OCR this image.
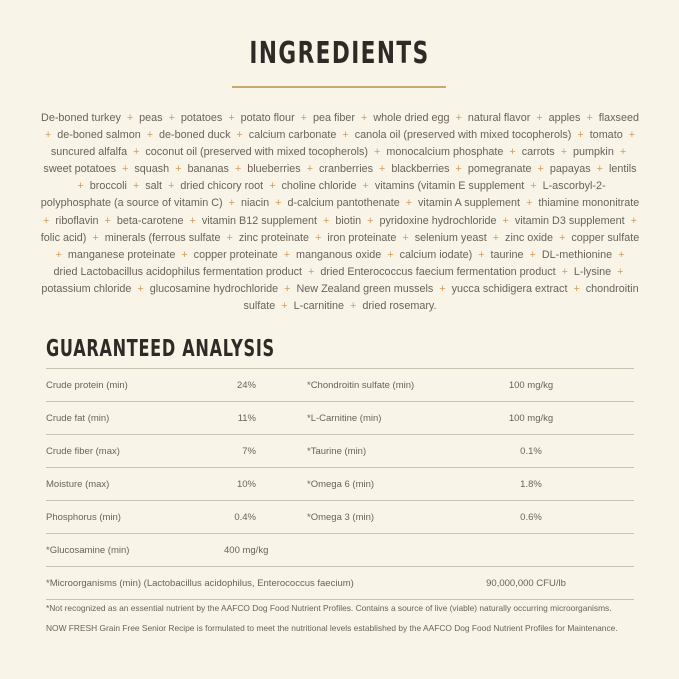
INGREDIENTS
De-boned turkey + peas + potatoes + potato flour + pea fiber + whole dried egg + natural flavor + apples + flaxseed + de-boned salmon + de-boned duck + calcium carbonate + canola oil (preserved with mixed tocopherols) + tomato + suncured alfalfa + coconut oil (preserved with mixed tocopherols) + monocalcium phosphate + carrots + pumpkin + sweet potatoes + squash + bananas + blueberries + cranberries + blackberries + pomegranate + papayas + lentils + broccoli + salt + dried chicory root + choline chloride + vitamins (vitamin E supplement + L-ascorbyl-2-polyphosphate (a source of vitamin C) + niacin + d-calcium pantothenate + vitamin A supplement + thiamine mononitrate + riboflavin + beta-carotene + vitamin B12 supplement + biotin + pyridoxine hydrochloride + vitamin D3 supplement + folic acid) + minerals (ferrous sulfate + zinc proteinate + iron proteinate + selenium yeast + zinc oxide + copper sulfate + manganese proteinate + copper proteinate + manganous oxide + calcium iodate) + taurine + DL-methionine + dried Lactobacillus acidophilus fermentation product + dried Enterococcus faecium fermentation product + L-lysine + potassium chloride + glucosamine hydrochloride + New Zealand green mussels + yucca schidigera extract + chondroitin sulfate + L-carnitine + dried rosemary.
GUARANTEED ANALYSIS
Crude protein (min)	24%	*Chondroitin sulfate (min)	100 mg/kg
Crude fat (min)	11%	*L-Carnitine (min)	100 mg/kg
Crude fiber (max)	7%	*Taurine (min)	0.1%
Moisture (max)	10%	*Omega 6 (min)	1.8%
Phosphorus (min)	0.4%	*Omega 3 (min)	0.6%
*Glucosamine (min)	400 mg/kg
*Microorganisms (min) (Lactobacillus acidophilus, Enterococcus faecium)	90,000,000 CFU/lb
*Not recognized as an essential nutrient by the AAFCO Dog Food Nutrient Profiles. Contains a source of live (viable) naturally occurring microorganisms.
NOW FRESH Grain Free Senior Recipe is formulated to meet the nutritional levels established by the AAFCO Dog Food Nutrient Profiles for Maintenance.
